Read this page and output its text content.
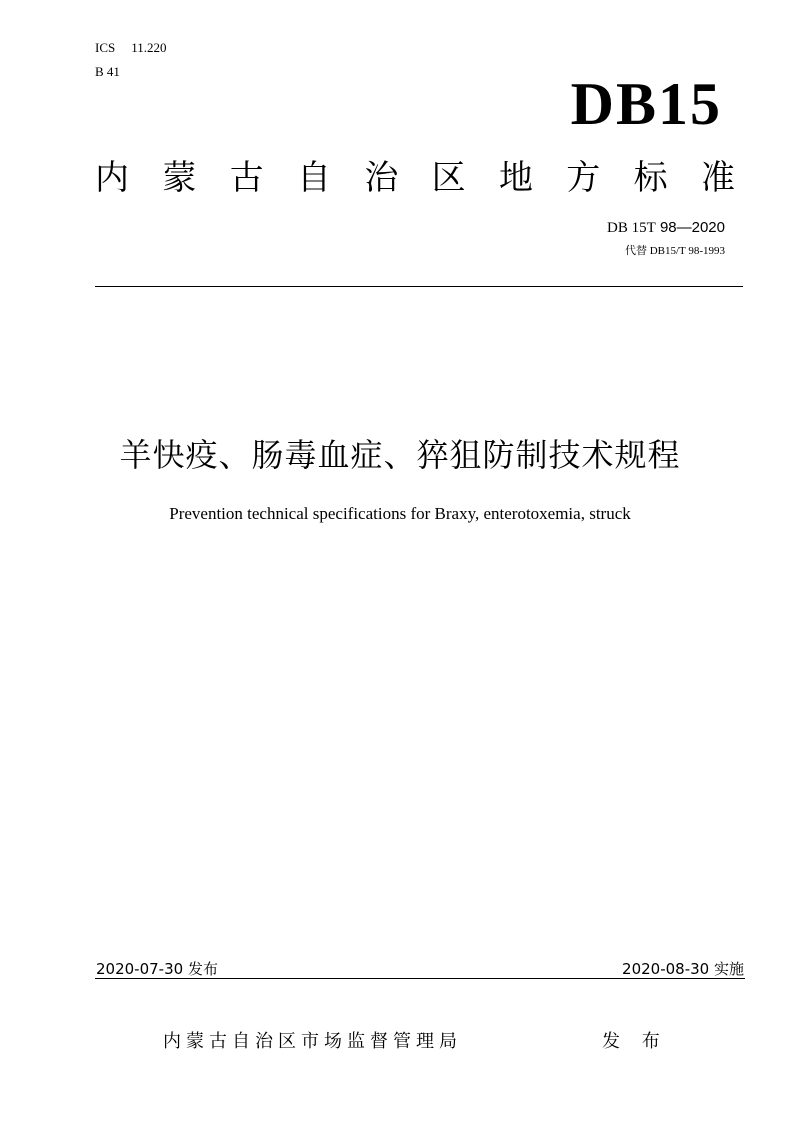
ICS 11.220
B 41	DB15
内 蒙 古 自 治 区 地 方 标 准
DB 15T 98—2020
代替 DB15/T 98-1993
羊快疫、肠毒血症、猝狙防制技术规程
Prevention technical specifications for Braxy, enterotoxemia, struck
2020-07-30 发布	2020-08-30 实施
内蒙古自治区市场监督管理局	发 布
